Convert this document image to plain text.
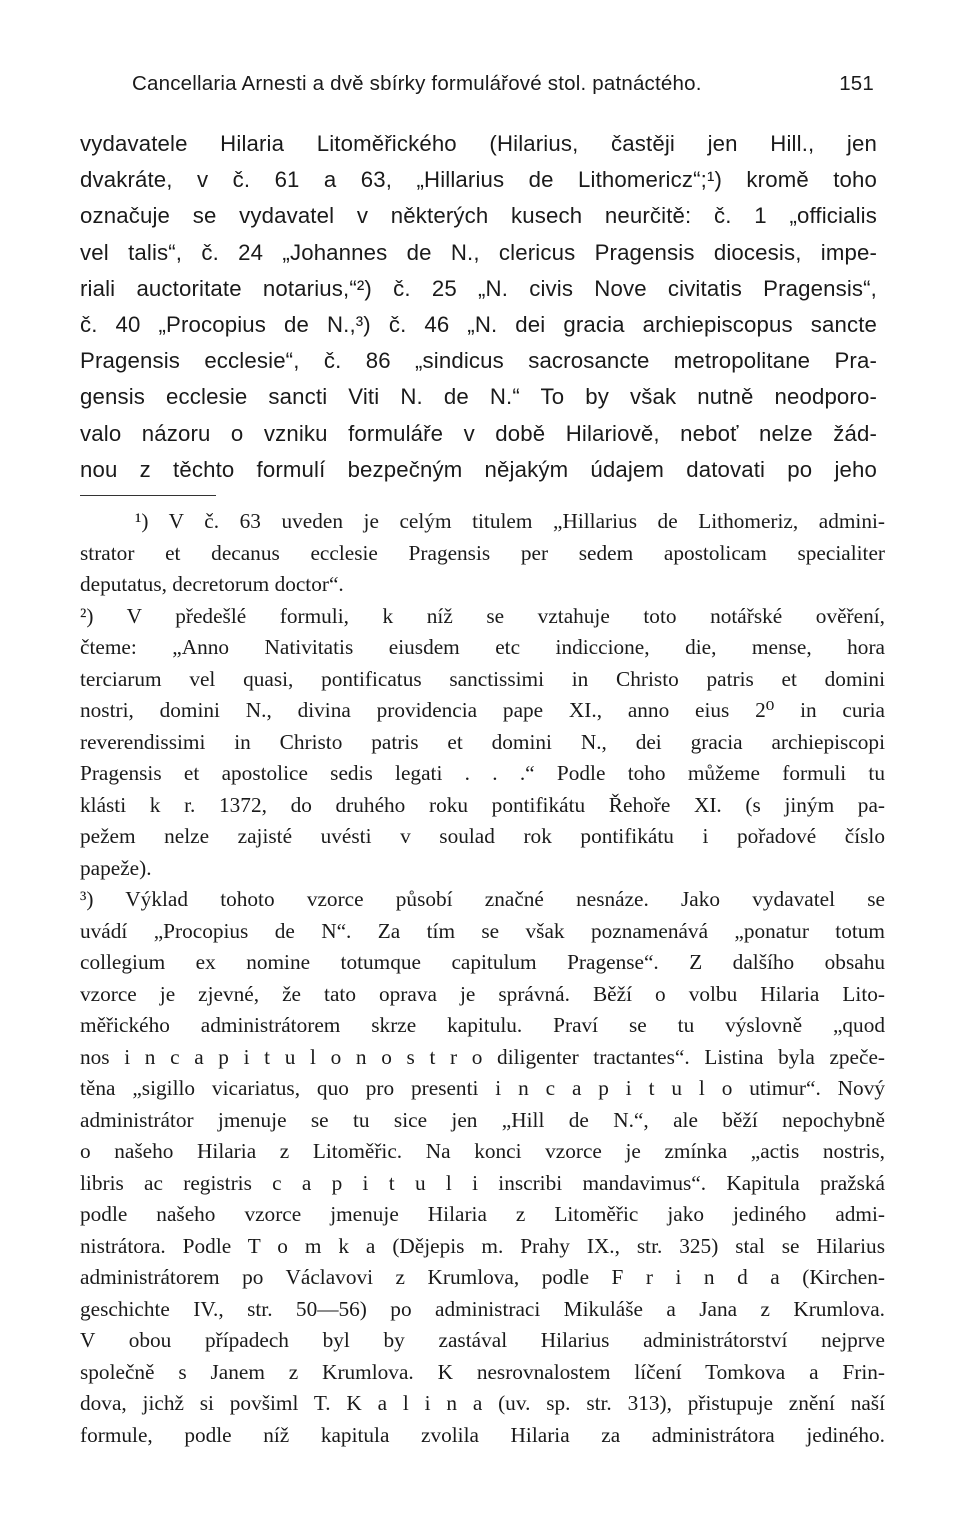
Cancellaria Arnesti a dvě sbírky formulářové stol. patnáctého.	151
vydavatele Hilaria Litoměřického (Hilarius, častěji jen Hill., jen
dvakráte, v č. 61 a 63, „Hillarius de Lithomericz“;¹) kromě toho
označuje se vydavatel v některých kusech neurčitě: č. 1 „officialis
vel talis“, č. 24 „Johannes de N., clericus Pragensis diocesis, impe-
riali auctoritate notarius,“²) č. 25 „N. civis Nove civitatis Pragensis“,
č. 40 „Procopius de N.,³) č. 46 „N. dei gracia archiepiscopus sancte
Pragensis ecclesie“, č. 86 „sindicus sacrosancte metropolitane Pra-
gensis ecclesie sancti Viti N. de N.“ To by však nutně neodporo-
valo názoru o vzniku formuláře v době Hilariově, neboť nelze žád-
nou z těchto formulí bezpečným nějakým údajem datovati po jeho
¹) V č. 63 uveden je celým titulem „Hillarius de Lithomeriz, admini-
strator et decanus ecclesie Pragensis per sedem apostolicam specialiter
deputatus, decretorum doctor“.
²) V předešlé formuli, k níž se vztahuje toto notářské ověření,
čteme: „Anno Nativitatis eiusdem etc indiccione, die, mense, hora
terciarum vel quasi, pontificatus sanctissimi in Christo patris et domini
nostri, domini N., divina providencia pape XI., anno eius 2⁰ in curia
reverendissimi in Christo patris et domini N., dei gracia archiepiscopi
Pragensis et apostolice sedis legati . . .“ Podle toho můžeme formuli tu
klásti k r. 1372, do druhého roku pontifikátu Řehoře XI. (s jiným pa-
pežem nelze zajisté uvésti v soulad rok pontifikátu i pořadové číslo
papeže).
³) Výklad tohoto vzorce působí značné nesnáze. Jako vydavatel se
uvádí „Procopius de N“. Za tím se však poznamenává „ponatur totum
collegium ex nomine totumque capitulum Pragense“. Z dalšího obsahu
vzorce je zjevné, že tato oprava je správná. Běží o volbu Hilaria Lito-
měřického administrátorem skrze kapitulu. Praví se tu výslovně „quod
nos i n c a p i t u l o n o s t r o diligenter tractantes“. Listina byla zpeče-
těna „sigillo vicariatus, quo pro presenti i n c a p i t u l o utimur“. Nový
administrátor jmenuje se tu sice jen „Hill de N.“, ale běží nepochybně
o našeho Hilaria z Litoměřic. Na konci vzorce je zmínka „actis nostris,
libris ac registris c a p i t u l i inscribi mandavimus“. Kapitula pražská
podle našeho vzorce jmenuje Hilaria z Litoměřic jako jediného admi-
nistrátora. Podle T o m k a (Dějepis m. Prahy IX., str. 325) stal se Hilarius
administrátorem po Václavovi z Krumlova, podle F r i n d a (Kirchen-
geschichte IV., str. 50—56) po administraci Mikuláše a Jana z Krumlova.
V obou případech byl by zastával Hilarius administrátorství nejprve
společně s Janem z Krumlova. K nesrovnalostem líčení Tomkova a Frin-
dova, jichž si povšiml T. K a l i n a (uv. sp. str. 313), přistupuje znění naší
formule, podle níž kapitula zvolila Hilaria za administrátora jediného.
